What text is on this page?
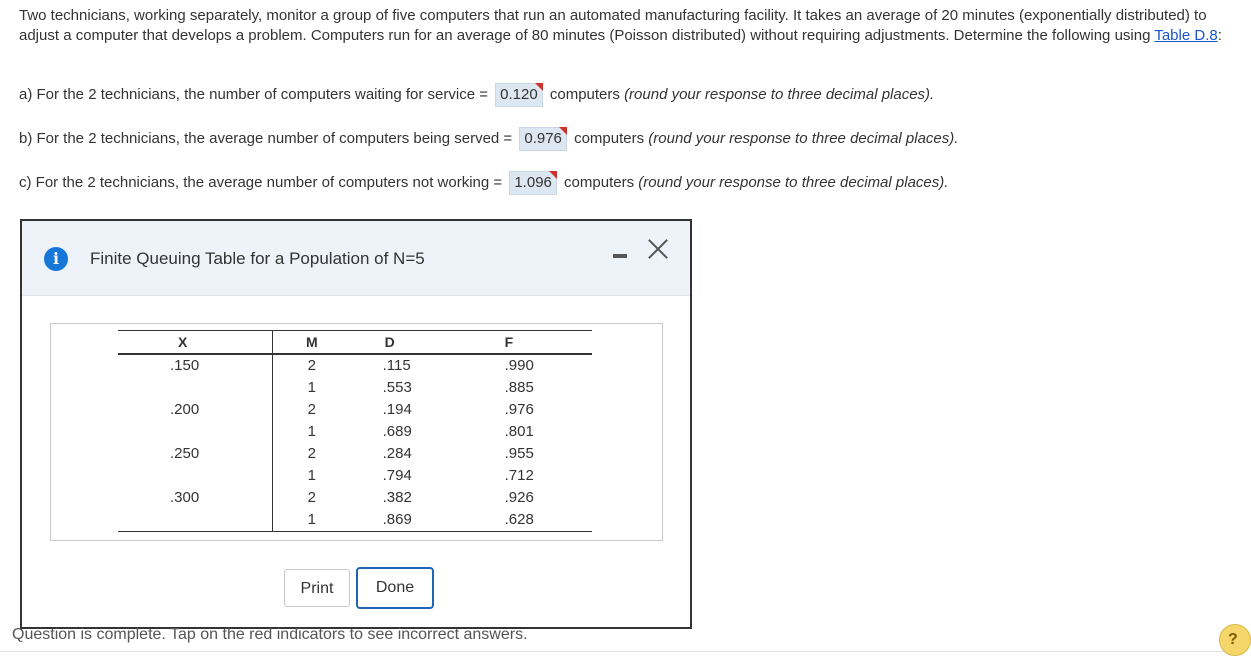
Two technicians, working separately, monitor a group of five computers that run an automated manufacturing facility. It takes an average of 20 minutes (exponentially distributed) to adjust a computer that develops a problem. Computers run for an average of 80 minutes (Poisson distributed) without requiring adjustments. Determine the following using Table D.8:
a) For the 2 technicians, the number of computers waiting for service = 0.120
computers (round your response to three decimal places).
b) For the 2 technicians, the average number of computers being served = 0.976
computers (round your response to three decimal places).
c) For the 2 technicians, the average number of computers not working = 1.096
computers (round your response to three decimal places).
i	Finite Queuing Table for a Population of N=5
X	M	D	F
.150	2	.115	.990
	1	.553	.885
.200	2	.194	.976
	1	.689	.801
.250	2	.284	.955
	1	.794	.712
.300	2	.382	.926
	1	.869	.628
Print	Done
Question is complete. Tap on the red indicators to see incorrect answers.	?
